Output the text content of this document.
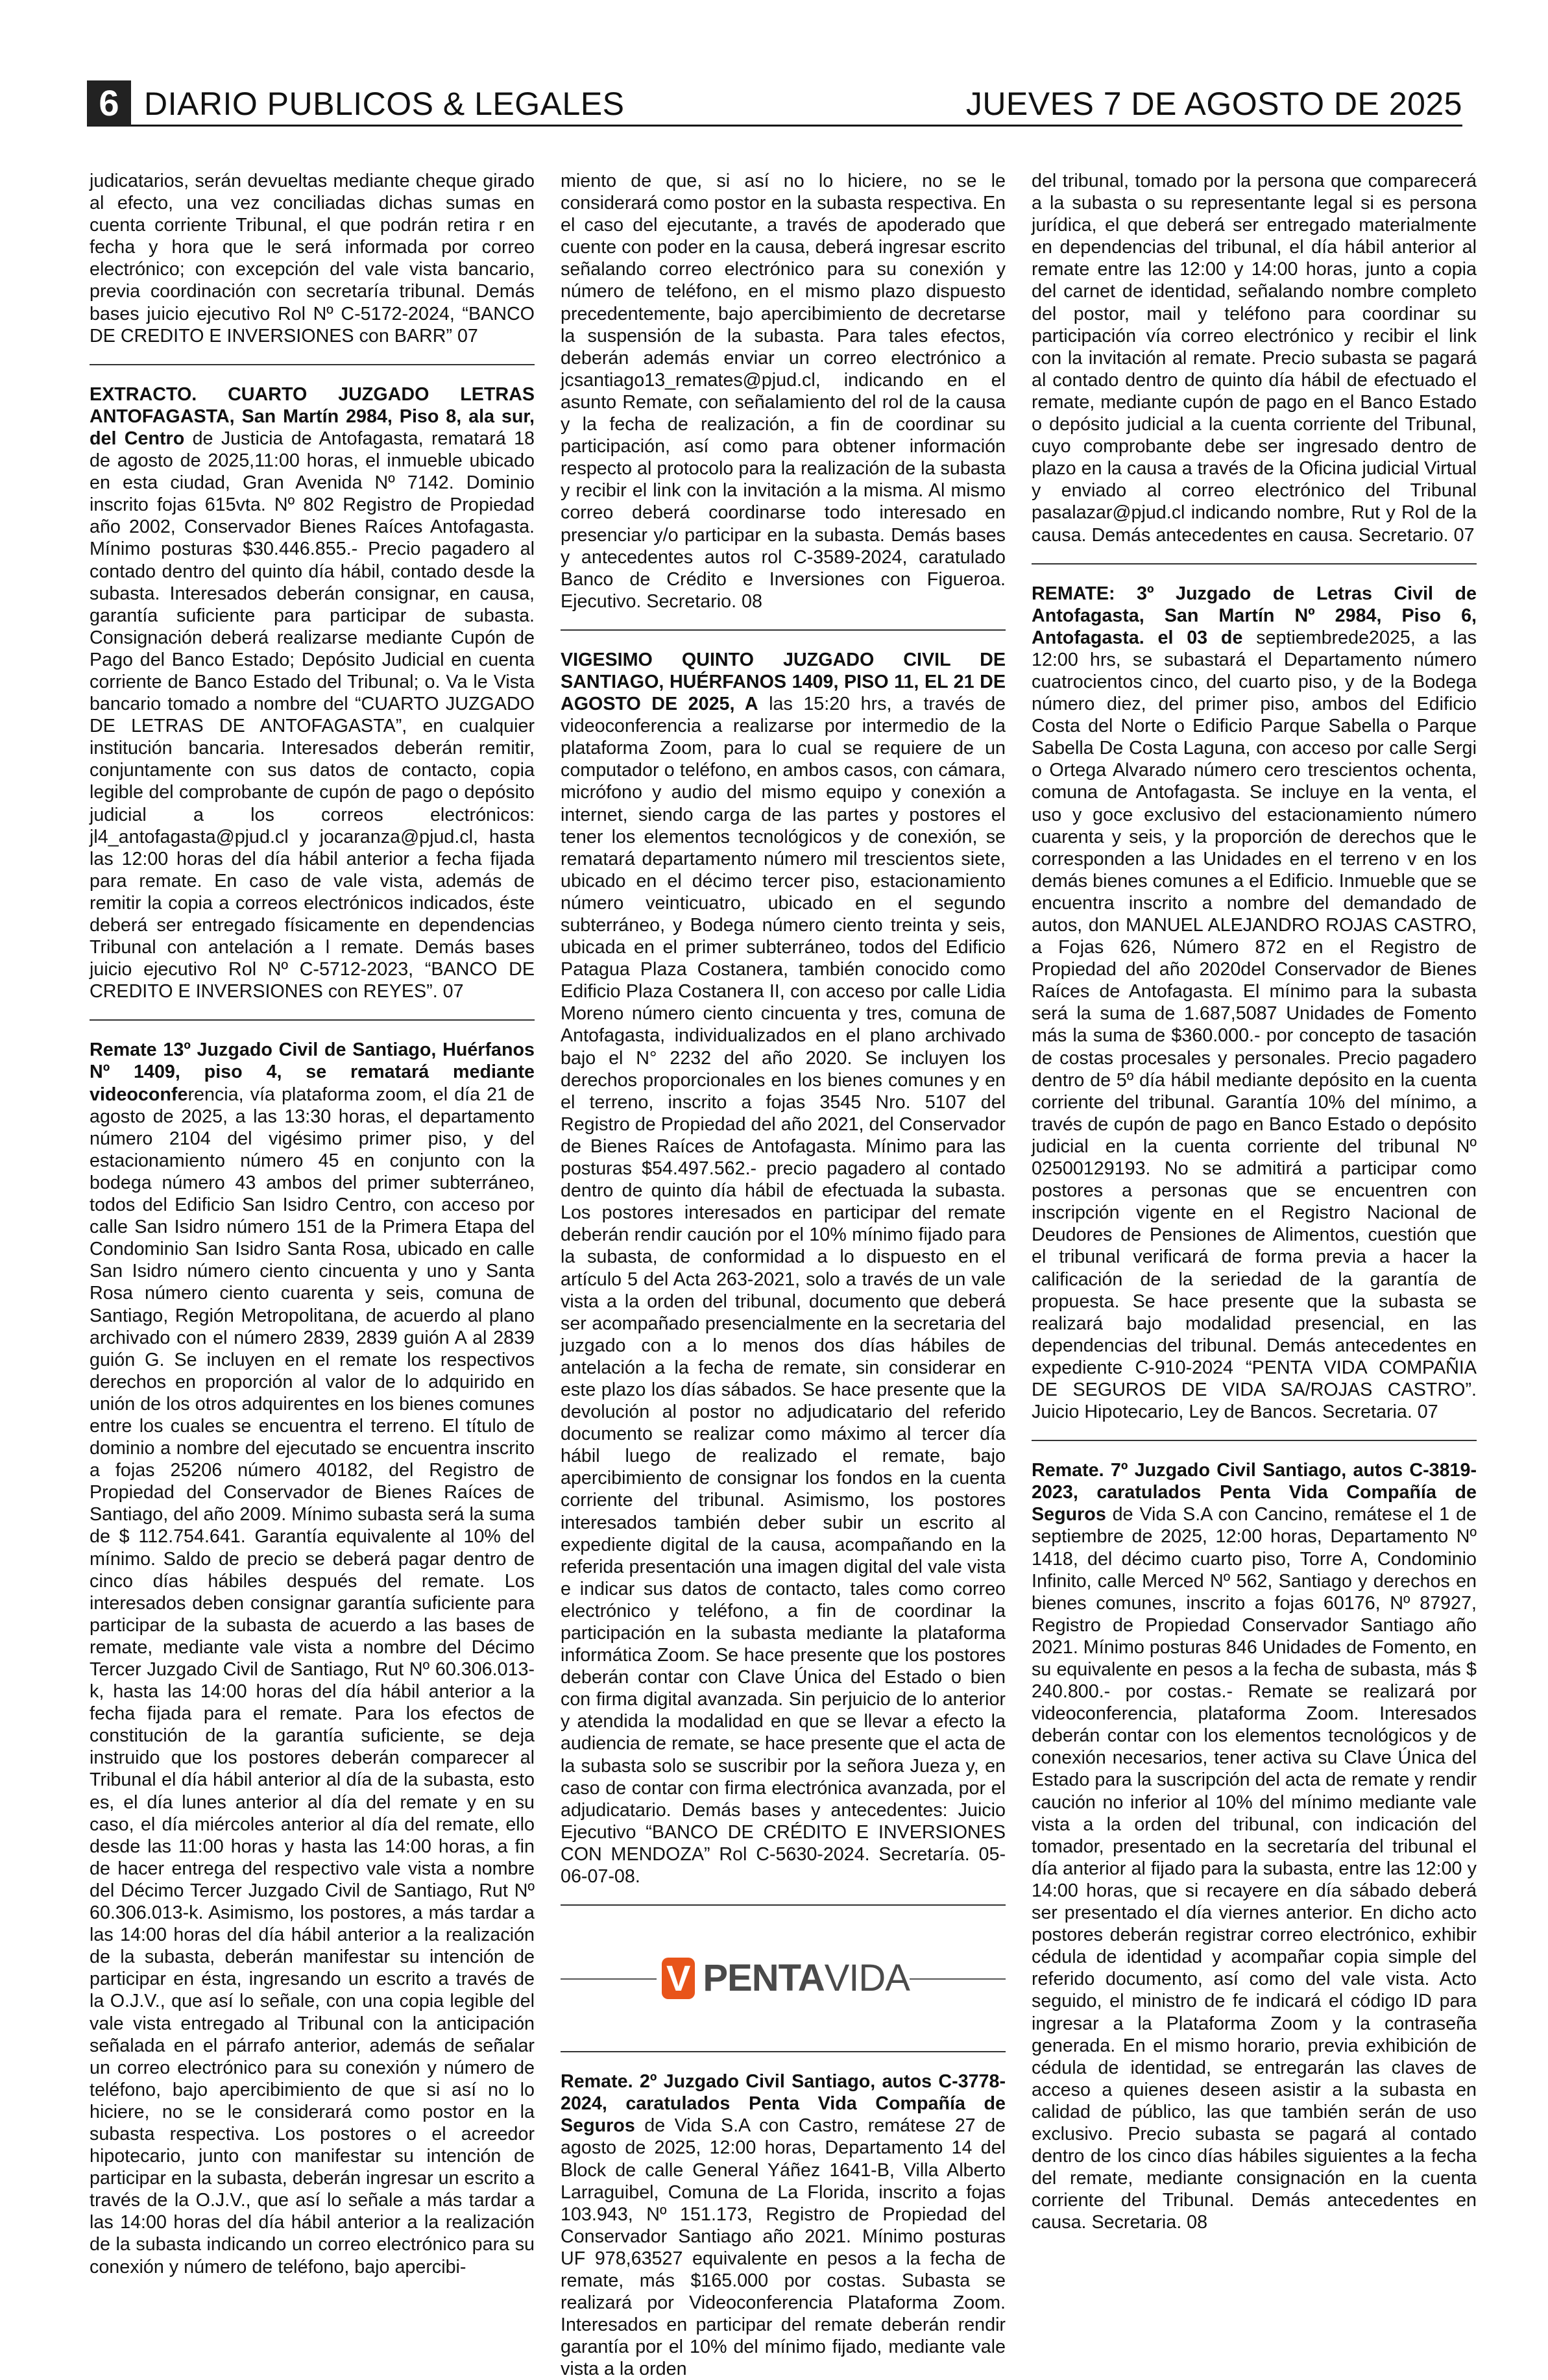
6 DIARIO PUBLICOS & LEGALES	JUEVES 7 DE AGOSTO DE 2025

judicatarios, serán devueltas mediante cheque girado al efecto, una vez conciliadas dichas sumas en cuenta corriente Tribunal, el que podrán retira r en fecha y hora que le será informada por correo electrónico; con excepción del vale vista bancario, previa coordinación con secretaría tribunal. Demás bases juicio ejecutivo Rol Nº C-5172-2024, “BANCO DE CREDITO E INVERSIONES con BARR” 07

EXTRACTO. CUARTO JUZGADO LETRAS ANTOFAGASTA, San Martín 2984, Piso 8, ala sur, del Centro de Justicia de Antofagasta, rematará 18 de agosto de 2025,11:00 horas, el inmueble ubicado en esta ciudad, Gran Avenida Nº 7142. Dominio inscrito fojas 615vta. Nº 802 Registro de Propiedad año 2002, Conservador Bienes Raíces Antofagasta. Mínimo posturas $30.446.855.- Precio pagadero al contado dentro del quinto día hábil, contado desde la subasta. Interesados deberán consignar, en causa, garantía suficiente para participar de subasta. Consignación deberá realizarse mediante Cupón de Pago del Banco Estado; Depósito Judicial en cuenta corriente de Banco Estado del Tribunal; o. Va le Vista bancario tomado a nombre del “CUARTO JUZGADO DE LETRAS DE ANTOFAGASTA”, en cualquier institución bancaria. Interesados deberán remitir, conjuntamente con sus datos de contacto, copia legible del comprobante de cupón de pago o depósito judicial a los correos electrónicos: jl4_antofagasta@pjud.cl y jocaranza@pjud.cl, hasta las 12:00 horas del día hábil anterior a fecha fijada para remate. En caso de vale vista, además de remitir la copia a correos electrónicos indicados, éste deberá ser entregado físicamente en dependencias Tribunal con antelación a l remate. Demás bases juicio ejecutivo Rol Nº C-5712-2023, “BANCO DE CREDITO E INVERSIONES con REYES”. 07

Remate 13º Juzgado Civil de Santiago, Huérfanos Nº 1409, piso 4, se rematará mediante videoconferencia, vía plataforma zoom, el día 21 de agosto de 2025, a las 13:30 horas, el departamento número 2104 del vigésimo primer piso, y del estacionamiento número 45 en conjunto con la bodega número 43 ambos del primer subterráneo, todos del Edificio San Isidro Centro, con acceso por calle San Isidro número 151 de la Primera Etapa del Condominio San Isidro Santa Rosa, ubicado en calle San Isidro número ciento cincuenta y uno y Santa Rosa número ciento cuarenta y seis, comuna de Santiago, Región Metropolitana, de acuerdo al plano archivado con el número 2839, 2839 guión A al 2839 guión G. Se incluyen en el remate los respectivos derechos en proporción al valor de lo adquirido en unión de los otros adquirentes en los bienes comunes entre los cuales se encuentra el terreno. El título de dominio a nombre del ejecutado se encuentra inscrito a fojas 25206 número 40182, del Registro de Propiedad del Conservador de Bienes Raíces de Santiago, del año 2009. Mínimo subasta será la suma de $ 112.754.641. Garantía equivalente al 10% del mínimo. Saldo de precio se deberá pagar dentro de cinco días hábiles después del remate. Los interesados deben consignar garantía suficiente para participar de la subasta de acuerdo a las bases de remate, mediante vale vista a nombre del Décimo Tercer Juzgado Civil de Santiago, Rut Nº 60.306.013-k, hasta las 14:00 horas del día hábil anterior a la fecha fijada para el remate. Para los efectos de constitución de la garantía suficiente, se deja instruido que los postores deberán comparecer al Tribunal el día hábil anterior al día de la subasta, esto es, el día lunes anterior al día del remate y en su caso, el día miércoles anterior al día del remate, ello desde las 11:00 horas y hasta las 14:00 horas, a fin de hacer entrega del respectivo vale vista a nombre del Décimo Tercer Juzgado Civil de Santiago, Rut Nº 60.306.013-k. Asimismo, los postores, a más tardar a las 14:00 horas del día hábil anterior a la realización de la subasta, deberán manifestar su intención de participar en ésta, ingresando un escrito a través de la O.J.V., que así lo señale, con una copia legible del vale vista entregado al Tribunal con la anticipación señalada en el párrafo anterior, además de señalar un correo electrónico para su conexión y número de teléfono, bajo apercibimiento de que si así no lo hiciere, no se le considerará como postor en la subasta respectiva. Los postores o el acreedor hipotecario, junto con manifestar su intención de participar en la subasta, deberán ingresar un escrito a través de la O.J.V., que así lo señale a más tardar a las 14:00 horas del día hábil anterior a la realización de la subasta indicando un correo electrónico para su conexión y número de teléfono, bajo apercibi-

miento de que, si así no lo hiciere, no se le considerará como postor en la subasta respectiva. En el caso del ejecutante, a través de apoderado que cuente con poder en la causa, deberá ingresar escrito señalando correo electrónico para su conexión y número de teléfono, en el mismo plazo dispuesto precedentemente, bajo apercibimiento de decretarse la suspensión de la subasta. Para tales efectos, deberán además enviar un correo electrónico a jcsantiago13_remates@pjud.cl, indicando en el asunto Remate, con señalamiento del rol de la causa y la fecha de realización, a fin de coordinar su participación, así como para obtener información respecto al protocolo para la realización de la subasta y recibir el link con la invitación a la misma. Al mismo correo deberá coordinarse todo interesado en presenciar y/o participar en la subasta. Demás bases y antecedentes autos rol C-3589-2024, caratulado Banco de Crédito e Inversiones con Figueroa. Ejecutivo. Secretario. 08

VIGESIMO QUINTO JUZGADO CIVIL DE SANTIAGO, HUÉRFANOS 1409, PISO 11, EL 21 DE AGOSTO DE 2025, A las 15:20 hrs, a través de videoconferencia a realizarse por intermedio de la plataforma Zoom, para lo cual se requiere de un computador o teléfono, en ambos casos, con cámara, micrófono y audio del mismo equipo y conexión a internet, siendo carga de las partes y postores el tener los elementos tecnológicos y de conexión, se rematará departamento número mil trescientos siete, ubicado en el décimo tercer piso, estacionamiento número veinticuatro, ubicado en el segundo subterráneo, y Bodega número ciento treinta y seis, ubicada en el primer subterráneo, todos del Edificio Patagua Plaza Costanera, también conocido como Edificio Plaza Costanera II, con acceso por calle Lidia Moreno número ciento cincuenta y tres, comuna de Antofagasta, individualizados en el plano archivado bajo el N° 2232 del año 2020. Se incluyen los derechos proporcionales en los bienes comunes y en el terreno, inscrito a fojas 3545 Nro. 5107 del Registro de Propiedad del año 2021, del Conservador de Bienes Raíces de Antofagasta. Mínimo para las posturas $54.497.562.- precio pagadero al contado dentro de quinto día hábil de efectuada la subasta. Los postores interesados en participar del remate deberán rendir caución por el 10% mínimo fijado para la subasta, de conformidad a lo dispuesto en el artículo 5 del Acta 263-2021, solo a través de un vale vista a la orden del tribunal, documento que deberá ser acompañado presencialmente en la secretaria del juzgado con a lo menos dos días hábiles de antelación a la fecha de remate, sin considerar en este plazo los días sábados. Se hace presente que la devolución al postor no adjudicatario del referido documento se realizar como máximo al tercer día hábil luego de realizado el remate, bajo apercibimiento de consignar los fondos en la cuenta corriente del tribunal. Asimismo, los postores interesados también deber subir un escrito al expediente digital de la causa, acompañando en la referida presentación una imagen digital del vale vista e indicar sus datos de contacto, tales como correo electrónico y teléfono, a fin de coordinar la participación en la subasta mediante la plataforma informática Zoom. Se hace presente que los postores deberán contar con Clave Única del Estado o bien con firma digital avanzada. Sin perjuicio de lo anterior y atendida la modalidad en que se llevar a efecto la audiencia de remate, se hace presente que el acta de la subasta solo se suscribir por la señora Jueza y, en caso de contar con firma electrónica avanzada, por el adjudicatario. Demás bases y antecedentes: Juicio Ejecutivo “BANCO DE CRÉDITO E INVERSIONES CON MENDOZA” Rol C-5630-2024. Secretaría. 05-06-07-08.

V PENTAVIDA

Remate. 2º Juzgado Civil Santiago, autos C-3778-2024, caratulados Penta Vida Compañía de Seguros de Vida S.A con Castro, remátese 27 de agosto de 2025, 12:00 horas, Departamento 14 del Block de calle General Yáñez 1641-B, Villa Alberto Larraguibel, Comuna de La Florida, inscrito a fojas 103.943, Nº 151.173, Registro de Propiedad del Conservador Santiago año 2021. Mínimo posturas UF 978,63527 equivalente en pesos a la fecha de remate, más $165.000 por costas. Subasta se realizará por Videoconferencia Plataforma Zoom. Interesados en participar del remate deberán rendir garantía por el 10% del mínimo fijado, mediante vale vista a la orden

del tribunal, tomado por la persona que comparecerá a la subasta o su representante legal si es persona jurídica, el que deberá ser entregado materialmente en dependencias del tribunal, el día hábil anterior al remate entre las 12:00 y 14:00 horas, junto a copia del carnet de identidad, señalando nombre completo del postor, mail y teléfono para coordinar su participación vía correo electrónico y recibir el link con la invitación al remate. Precio subasta se pagará al contado dentro de quinto día hábil de efectuado el remate, mediante cupón de pago en el Banco Estado o depósito judicial a la cuenta corriente del Tribunal, cuyo comprobante debe ser ingresado dentro de plazo en la causa a través de la Oficina judicial Virtual y enviado al correo electrónico del Tribunal pasalazar@pjud.cl indicando nombre, Rut y Rol de la causa. Demás antecedentes en causa. Secretario. 07

REMATE: 3º Juzgado de Letras Civil de Antofagasta, San Martín Nº 2984, Piso 6, Antofagasta. el 03 de septiembrede2025, a las 12:00 hrs, se subastará el Departamento número cuatrocientos cinco, del cuarto piso, y de la Bodega número diez, del primer piso, ambos del Edificio Costa del Norte o Edificio Parque Sabella o Parque Sabella De Costa Laguna, con acceso por calle Sergi o Ortega Alvarado número cero trescientos ochenta, comuna de Antofagasta. Se incluye en la venta, el uso y goce exclusivo del estacionamiento número cuarenta y seis, y la proporción de derechos que le corresponden a las Unidades en el terreno v en los demás bienes comunes a el Edificio. Inmueble que se encuentra inscrito a nombre del demandado de autos, don MANUEL ALEJANDRO ROJAS CASTRO, a Fojas 626, Número 872 en el Registro de Propiedad del año 2020del Conservador de Bienes Raíces de Antofagasta. El mínimo para la subasta será la suma de 1.687,5087 Unidades de Fomento más la suma de $360.000.- por concepto de tasación de costas procesales y personales. Precio pagadero dentro de 5º día hábil mediante depósito en la cuenta corriente del tribunal. Garantía 10% del mínimo, a través de cupón de pago en Banco Estado o depósito judicial en la cuenta corriente del tribunal Nº 02500129193. No se admitirá a participar como postores a personas que se encuentren con inscripción vigente en el Registro Nacional de Deudores de Pensiones de Alimentos, cuestión que el tribunal verificará de forma previa a hacer la calificación de la seriedad de la garantía de propuesta. Se hace presente que la subasta se realizará bajo modalidad presencial, en las dependencias del tribunal. Demás antecedentes en expediente C-910-2024 “PENTA VIDA COMPAÑIA DE SEGUROS DE VIDA SA/ROJAS CASTRO”. Juicio Hipotecario, Ley de Bancos. Secretaria. 07

Remate. 7º Juzgado Civil Santiago, autos C-3819-2023, caratulados Penta Vida Compañía de Seguros de Vida S.A con Cancino, remátese el 1 de septiembre de 2025, 12:00 horas, Departamento Nº 1418, del décimo cuarto piso, Torre A, Condominio Infinito, calle Merced Nº 562, Santiago y derechos en bienes comunes, inscrito a fojas 60176, Nº 87927, Registro de Propiedad Conservador Santiago año 2021. Mínimo posturas 846 Unidades de Fomento, en su equivalente en pesos a la fecha de subasta, más $ 240.800.- por costas.- Remate se realizará por videoconferencia, plataforma Zoom. Interesados deberán contar con los elementos tecnológicos y de conexión necesarios, tener activa su Clave Única del Estado para la suscripción del acta de remate y rendir caución no inferior al 10% del mínimo mediante vale vista a la orden del tribunal, con indicación del tomador, presentado en la secretaría del tribunal el día anterior al fijado para la subasta, entre las 12:00 y 14:00 horas, que si recayere en día sábado deberá ser presentado el día viernes anterior. En dicho acto postores deberán registrar correo electrónico, exhibir cédula de identidad y acompañar copia simple del referido documento, así como del vale vista. Acto seguido, el ministro de fe indicará el código ID para ingresar a la Plataforma Zoom y la contraseña generada. En el mismo horario, previa exhibición de cédula de identidad, se entregarán las claves de acceso a quienes deseen asistir a la subasta en calidad de público, las que también serán de uso exclusivo. Precio subasta se pagará al contado dentro de los cinco días hábiles siguientes a la fecha del remate, mediante consignación en la cuenta corriente del Tribunal. Demás antecedentes en causa. Secretaria. 08
